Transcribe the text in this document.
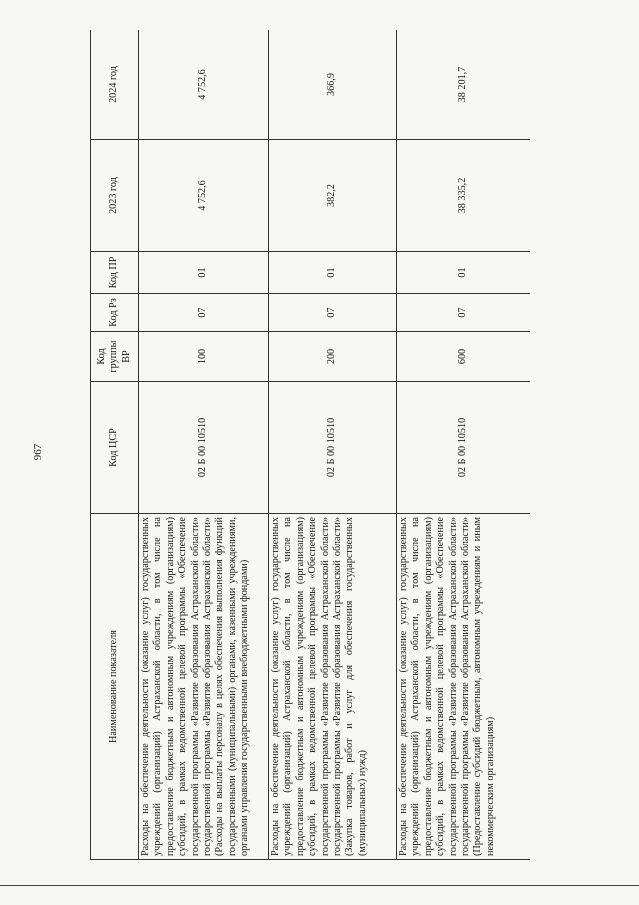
967
Наименование показателя	Код ЦСР	Код группы ВР	Код Рз	Код ПР	2023 год	2024 год
Расходы на обеспечение деятельности (оказание услуг) государственных учреждений (организаций) Астраханской области, в том числе на предоставление бюджетным и автономным учреждениям (организациям) субсидий, в рамках ведомственной целевой программы «Обеспечение государственной программы «Развитие образования Астраханской области» государственной программы «Развитие образования Астраханской области» (Расходы на выплаты персоналу в целях обеспечения выполнения функций государственными (муниципальными) органами, казенными учреждениями, органами управления государственными внебюджетными фондами)	02 Б 00 10510	100	07	01	4 752,6	4 752,6
Расходы на обеспечение деятельности (оказание услуг) государственных учреждений (организаций) Астраханской области, в том числе на предоставление бюджетным и автономным учреждениям (организациям) субсидий, в рамках ведомственной целевой программы «Обеспечение государственной программы «Развитие образования Астраханской области» государственной программы «Развитие образования Астраханской области» (Закупка товаров, работ и услуг для обеспечения государственных (муниципальных) нужд)	02 Б 00 10510	200	07	01	382,2	366,9
Расходы на обеспечение деятельности (оказание услуг) государственных учреждений (организаций) Астраханской области, в том числе на предоставление бюджетным и автономным учреждениям (организациям) субсидий, в рамках ведомственной целевой программы «Обеспечение государственной программы «Развитие образования Астраханской области» государственной программы «Развитие образования Астраханской области» (Предоставление субсидий бюджетным, автономным учреждениям и иным некоммерческим организациям)	02 Б 00 10510	600	07	01	38 335,2	38 201,7
